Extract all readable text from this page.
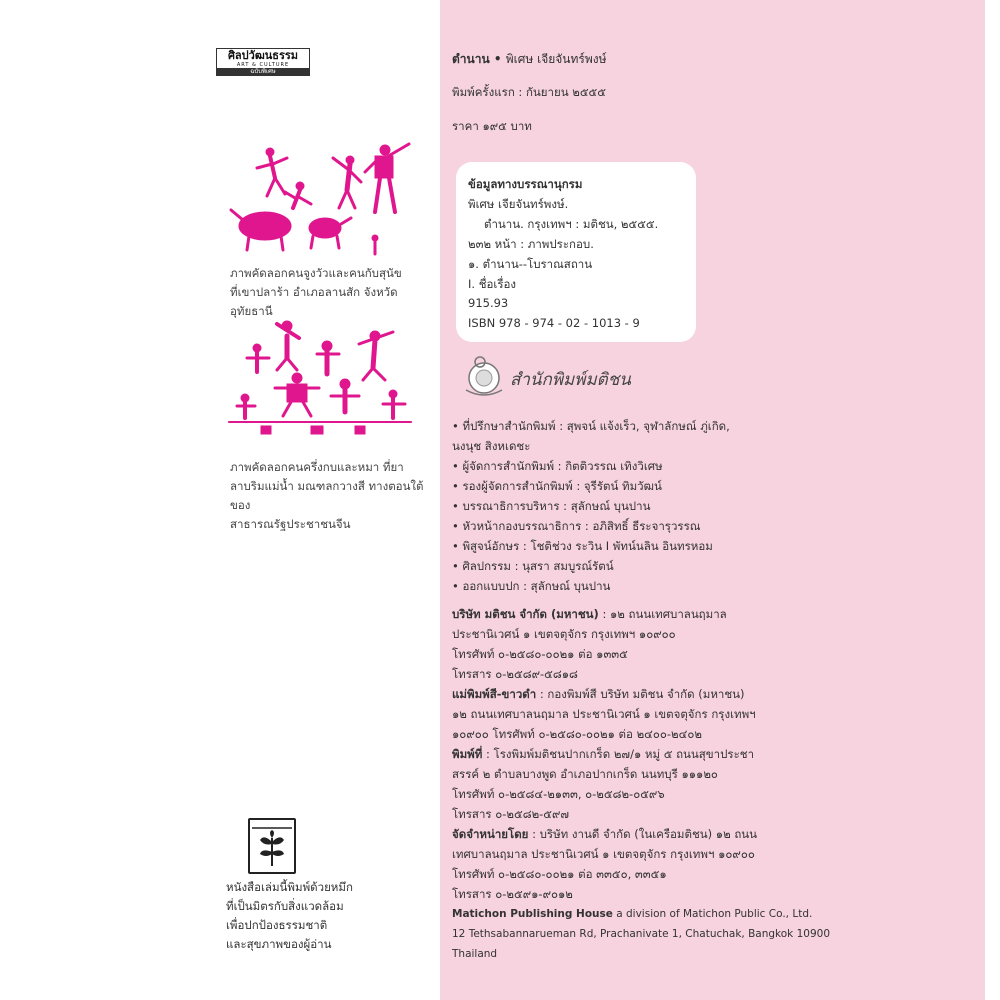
ศิลปวัฒนธรรม
ART & CULTURE
ฉบับพิเศษ
ภาพคัดลอกคนจูงวัวและคนกับสุนัข
ที่เขาปลาร้า อำเภอลานสัก จังหวัดอุทัยธานี
ภาพคัดลอกคนครึ่งกบและหมา ที่ยา
ลาบริมแม่น้ำ มณฑลกวางสี ทางตอนใต้ของ
สาธารณรัฐประชาชนจีน
หนังสือเล่มนี้พิมพ์ด้วยหมึก
ที่เป็นมิตรกับสิ่งแวดล้อม
เพื่อปกป้องธรรมชาติ
และสุขภาพของผู้อ่าน
ตำนาน • พิเศษ เจียจันทร์พงษ์
พิมพ์ครั้งแรก : กันยายน ๒๕๕๕
ราคา ๑๙๕ บาท
ข้อมูลทางบรรณานุกรม
พิเศษ เจียจันทร์พงษ์.
ตำนาน. กรุงเทพฯ : มติชน, ๒๕๕๕.
๒๓๒ หน้า : ภาพประกอบ.
๑. ตำนาน--โบราณสถาน
I. ชื่อเรื่อง
915.93
ISBN 978 - 974 - 02 - 1013 - 9
สำนักพิมพ์มติชน
• ที่ปรึกษาสำนักพิมพ์ : สุพจน์ แจ้งเร็ว, จุฬาลักษณ์ ภู่เกิด,
นงนุช สิงหเดชะ
• ผู้จัดการสำนักพิมพ์ : กิตติวรรณ เทิงวิเศษ
• รองผู้จัดการสำนักพิมพ์ : จุรีรัตน์ ทิมวัฒน์
• บรรณาธิการบริหาร : สุลักษณ์ บุนปาน
• หัวหน้ากองบรรณาธิการ : อภิสิทธิ์ ธีระจารุวรรณ
• พิสูจน์อักษร : โชติช่วง ระวิน I พัทน์นลิน อินทรหอม
• ศิลปกรรม : นุสรา สมบูรณ์รัตน์
• ออกแบบปก : สุลักษณ์ บุนปาน
บริษัท มติชน จำกัด (มหาชน) : ๑๒ ถนนเทศบาลนฤมาล
ประชานิเวศน์ ๑ เขตจตุจักร กรุงเทพฯ ๑๐๙๐๐
โทรศัพท์ ๐-๒๕๘๐-๐๐๒๑ ต่อ ๑๓๓๕
โทรสาร ๐-๒๕๘๙-๕๘๑๘
แม่พิมพ์สี-ขาวดำ : กองพิมพ์สี บริษัท มติชน จำกัด (มหาชน)
๑๒ ถนนเทศบาลนฤมาล ประชานิเวศน์ ๑ เขตจตุจักร กรุงเทพฯ
๑๐๙๐๐ โทรศัพท์ ๐-๒๕๘๐-๐๐๒๑ ต่อ ๒๔๐๐-๒๔๐๒
พิมพ์ที่ : โรงพิมพ์มติชนปากเกร็ด ๒๗/๑ หมู่ ๕ ถนนสุขาประชา
สรรค์ ๒ ตำบลบางพูด อำเภอปากเกร็ด นนทบุรี ๑๑๑๒๐
โทรศัพท์ ๐-๒๕๘๔-๒๑๓๓, ๐-๒๕๘๒-๐๕๙๖
โทรสาร ๐-๒๕๘๒-๕๙๗
จัดจำหน่ายโดย : บริษัท งานดี จำกัด (ในเครือมติชน) ๑๒ ถนน
เทศบาลนฤมาล ประชานิเวศน์ ๑ เขตจตุจักร กรุงเทพฯ ๑๐๙๐๐
โทรศัพท์ ๐-๒๕๘๐-๐๐๒๑ ต่อ ๓๓๕๐, ๓๓๕๑
โทรสาร ๐-๒๕๙๑-๙๐๑๒
Matichon Publishing House a division of Matichon Public Co., Ltd.
12 Tethsabannarueman Rd, Prachanivate 1, Chatuchak, Bangkok 10900
Thailand
